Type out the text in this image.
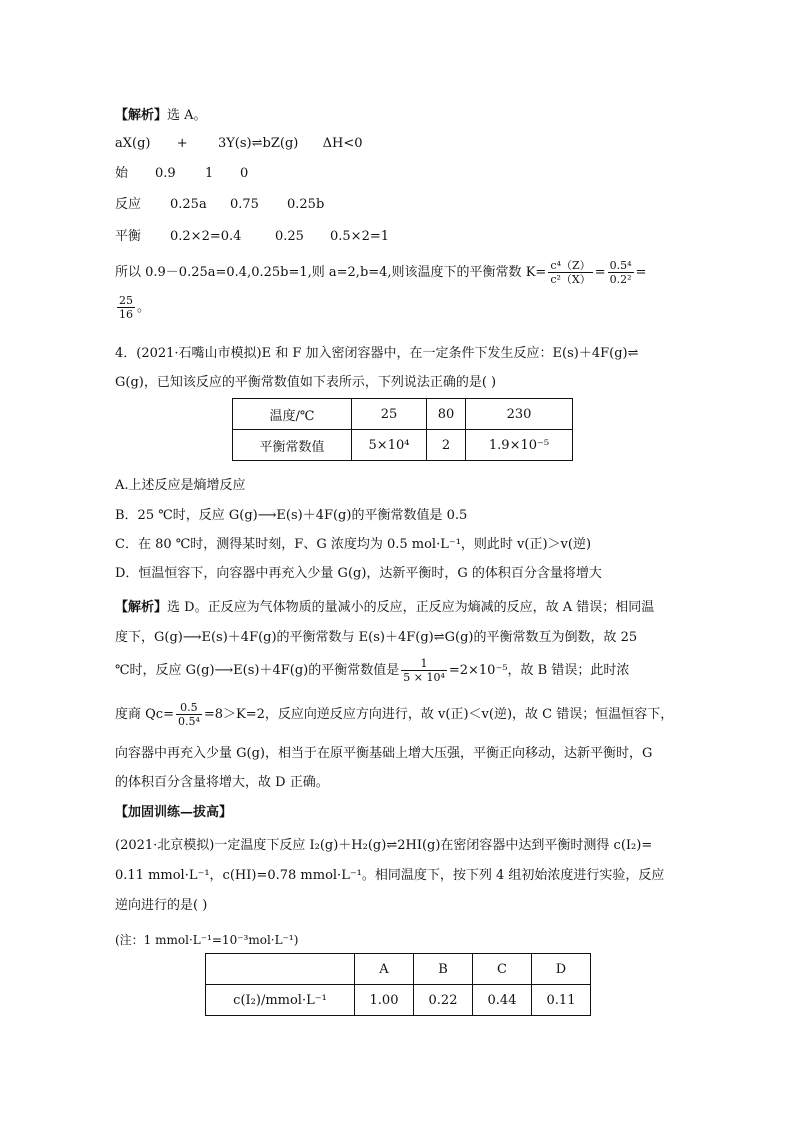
【解析】选 A。
aX(g) + 3Y(s)⇌bZ(g) ΔH<0
始 0.9 1 0
反应 0.25a 0.75 0.25b
平衡 0.2×2=0.4	0.25 0.5×2=1
所以 0.9－0.25a=0.4,0.25b=1,则 a=2,b=4,则该温度下的平衡常数 $K= \frac{\text{c⁴（Z）}}{\text{c²（X）}} = \frac{\text{0.5⁴}}{\text{0.2²}}$ =
$\frac{25}{16}$ 。
4．(2021·石嘴山市模拟)E 和 F 加入密闭容器中，在一定条件下发生反应：E(s)＋4F(g)⇌
G(g)，已知该反应的平衡常数值如下表所示，下列说法正确的是( )
温度/℃	25	80	230
平衡常数值	5×10⁴	2	1.9×10⁻⁵
A.上述反应是熵增反应
B．25 ℃时，反应 G(g)⟶E(s)＋4F(g)的平衡常数值是 0.5
C．在 80 ℃时，测得某时刻，F、G 浓度均为 0.5 mol·L⁻¹，则此时 v(正)＞v(逆)
D．恒温恒容下，向容器中再充入少量 G(g)，达新平衡时，G 的体积百分含量将增大
【解析】选 D。正反应为气体物质的量减小的反应，正反应为熵减的反应，故 A 错误；相同温
度下，G(g)⟶E(s)＋4F(g)的平衡常数与 E(s)＋4F(g)⇌G(g)的平衡常数互为倒数，故 25
℃时，反应 G(g)⟶E(s)＋4F(g)的平衡常数值是 $\frac{1}{\text{5 × 10⁴}} =2\times 10^{-5}$，故 B 错误；此时浓
度商 $Qc= \frac{0.5}{\text{0.5⁴}} =8>K=2$，反应向逆反应方向进行，故 v(正)＜v(逆)，故 C 错误；恒温恒容下，
向容器中再充入少量 G(g)，相当于在原平衡基础上增大压强，平衡正向移动，达新平衡时，G
的体积百分含量将增大，故 D 正确。
【加固训练—拔高】
(2021·北京模拟)一定温度下反应 I₂(g)＋H₂(g)⇌2HI(g)在密闭容器中达到平衡时测得 c(I₂)=
0.11 mmol·L⁻¹，c(HI)=0.78 mmol·L⁻¹。相同温度下，按下列 4 组初始浓度进行实验，反应
逆向进行的是( )
(注：1 mmol·L⁻¹=10⁻³mol·L⁻¹)
	A	B	C	D
c(I₂)/mmol·L⁻¹	1.00	0.22	0.44	0.11
